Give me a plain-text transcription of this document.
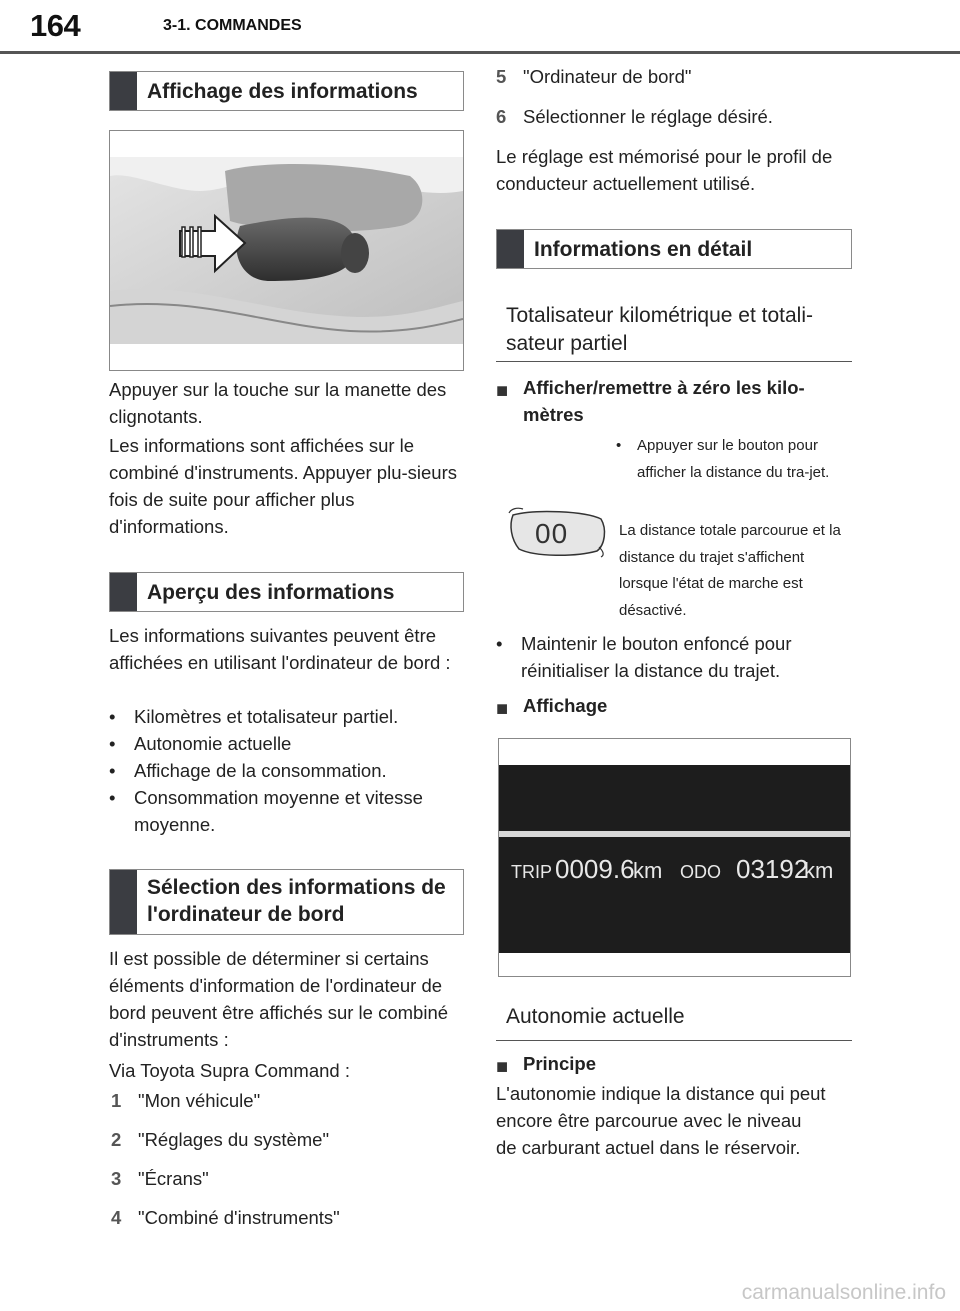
164	3-1. COMMANDES
Affichage des informations
Appuyer sur la touche sur la manette des clignotants.
Les informations sont affichées sur le combiné d'instruments. Appuyer plu-sieurs fois de suite pour afficher plus d'informations.
Aperçu des informations
Les informations suivantes peuvent être affichées en utilisant l'ordinateur de bord :
• Kilomètres et totalisateur partiel.
• Autonomie actuelle
• Affichage de la consommation.
• Consommation moyenne et vitesse moyenne.
Sélection des informations de l'ordinateur de bord
Il est possible de déterminer si certains éléments d'information de l'ordinateur de bord peuvent être affichés sur le combiné d'instruments :
Via Toyota Supra Command :
1 "Mon véhicule"
2 "Réglages du système"
3 "Écrans"
4 "Combiné d'instruments"
5 "Ordinateur de bord"
6 Sélectionner le réglage désiré.
Le réglage est mémorisé pour le profil de conducteur actuellement utilisé.
Informations en détail
Totalisateur kilométrique et totali-sateur partiel
■ Afficher/remettre à zéro les kilo-mètres
• Appuyer sur le bouton pour afficher la distance du tra-jet.
00	La distance totale parcourue et la distance du trajet s'affichent lorsque l'état de marche est désactivé.
• Maintenir le bouton enfoncé pour réinitialiser la distance du trajet.
■ Affichage
TRIP 0009.6
km ODO 03192
km
Autonomie actuelle
■ Principe
L'autonomie indique la distance qui peut encore être parcourue avec le niveau de carburant actuel dans le réservoir.
carmanualsonline.info
